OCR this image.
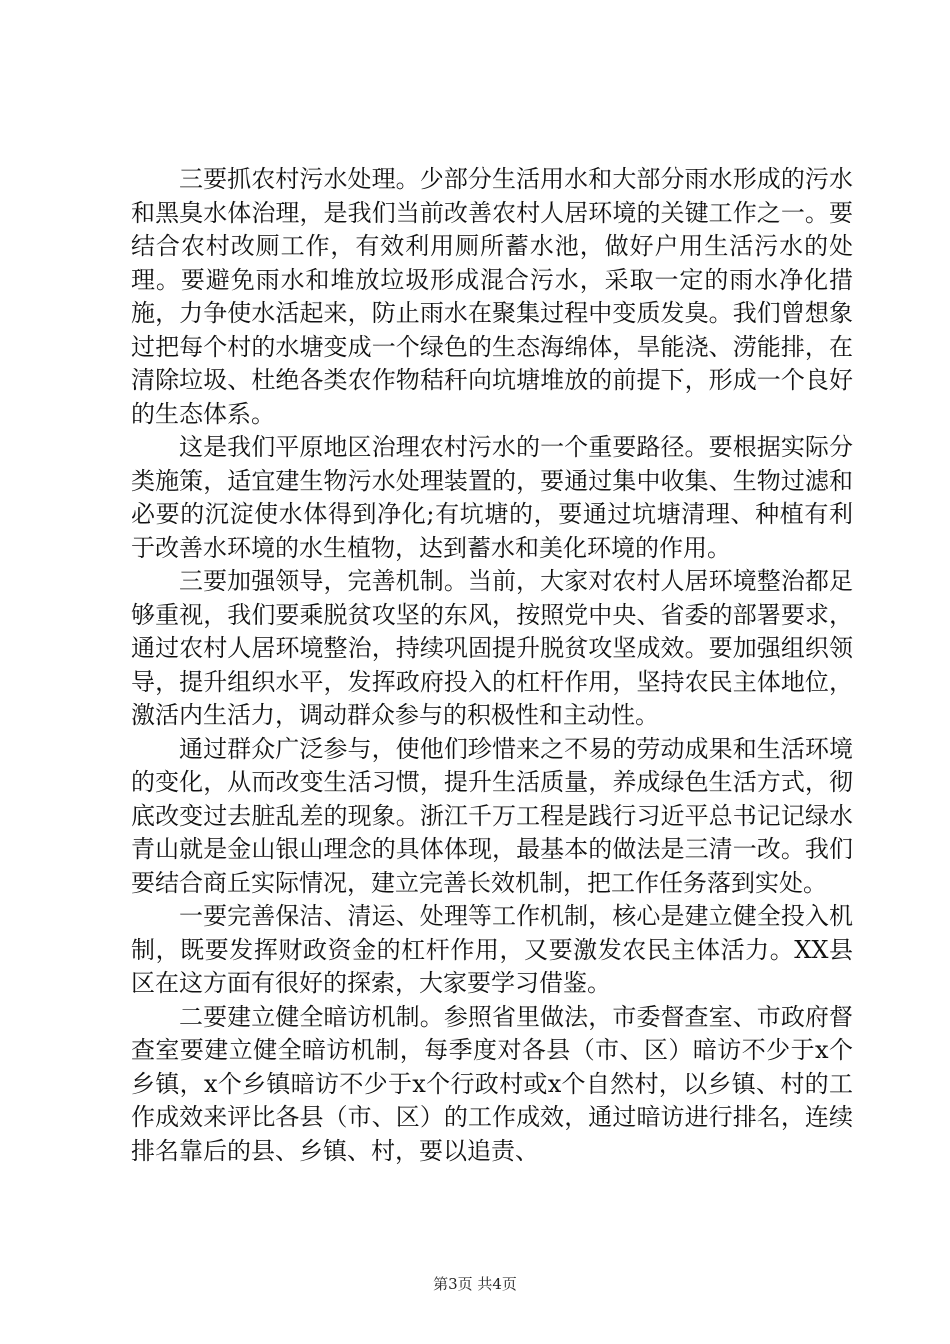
三要抓农村污水处理。少部分生活用水和大部分雨水形成的污水和黑臭水体治理，是我们当前改善农村人居环境的关键工作之一。要结合农村改厕工作，有效利用厕所蓄水池，做好户用生活污水的处理。要避免雨水和堆放垃圾形成混合污水，采取一定的雨水净化措施，力争使水活起来，防止雨水在聚集过程中变质发臭。我们曾想象过把每个村的水塘变成一个绿色的生态海绵体，旱能浇、涝能排，在清除垃圾、杜绝各类农作物秸秆向坑塘堆放的前提下，形成一个良好的生态体系。

这是我们平原地区治理农村污水的一个重要路径。要根据实际分类施策，适宜建生物污水处理装置的，要通过集中收集、生物过滤和必要的沉淀使水体得到净化;有坑塘的，要通过坑塘清理、种植有利于改善水环境的水生植物，达到蓄水和美化环境的作用。

三要加强领导，完善机制。当前，大家对农村人居环境整治都足够重视，我们要乘脱贫攻坚的东风，按照党中央、省委的部署要求，通过农村人居环境整治，持续巩固提升脱贫攻坚成效。要加强组织领导，提升组织水平，发挥政府投入的杠杆作用，坚持农民主体地位，激活内生活力，调动群众参与的积极性和主动性。

通过群众广泛参与，使他们珍惜来之不易的劳动成果和生活环境的变化，从而改变生活习惯，提升生活质量，养成绿色生活方式，彻底改变过去脏乱差的现象。浙江千万工程是践行习近平总书记记绿水青山就是金山银山理念的具体体现，最基本的做法是三清一改。我们要结合商丘实际情况，建立完善长效机制，把工作任务落到实处。

一要完善保洁、清运、处理等工作机制，核心是建立健全投入机制，既要发挥财政资金的杠杆作用，又要激发农民主体活力。XX县区在这方面有很好的探索，大家要学习借鉴。

二要建立健全暗访机制。参照省里做法，市委督查室、市政府督查室要建立健全暗访机制，每季度对各县（市、区）暗访不少于x个乡镇，x个乡镇暗访不少于x个行政村或x个自然村，以乡镇、村的工作成效来评比各县（市、区）的工作成效，通过暗访进行排名，连续排名靠后的县、乡镇、村，要以追责、

第3页 共4页
